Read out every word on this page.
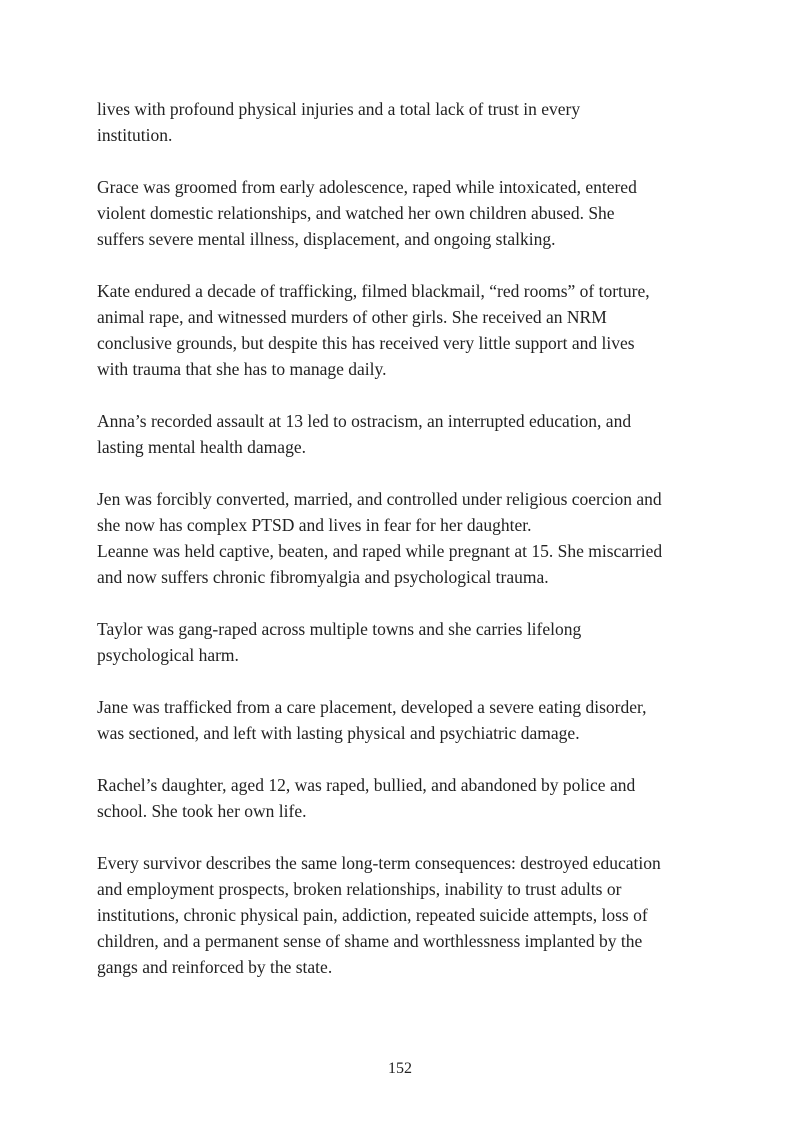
lives with profound physical injuries and a total lack of trust in every
institution.

Grace was groomed from early adolescence, raped while intoxicated, entered
violent domestic relationships, and watched her own children abused. She
suffers severe mental illness, displacement, and ongoing stalking.

Kate endured a decade of trafficking, filmed blackmail, “red rooms” of torture,
animal rape, and witnessed murders of other girls. She received an NRM
conclusive grounds, but despite this has received very little support and lives
with trauma that she has to manage daily.

Anna’s recorded assault at 13 led to ostracism, an interrupted education, and
lasting mental health damage.

Jen was forcibly converted, married, and controlled under religious coercion and
she now has complex PTSD and lives in fear for her daughter.

Leanne was held captive, beaten, and raped while pregnant at 15. She miscarried
and now suffers chronic fibromyalgia and psychological trauma.

Taylor was gang-raped across multiple towns and she carries lifelong
psychological harm.

Jane was trafficked from a care placement, developed a severe eating disorder,
was sectioned, and left with lasting physical and psychiatric damage.

Rachel’s daughter, aged 12, was raped, bullied, and abandoned by police and
school. She took her own life.

Every survivor describes the same long-term consequences: destroyed education
and employment prospects, broken relationships, inability to trust adults or
institutions, chronic physical pain, addiction, repeated suicide attempts, loss of
children, and a permanent sense of shame and worthlessness implanted by the
gangs and reinforced by the state.

152
